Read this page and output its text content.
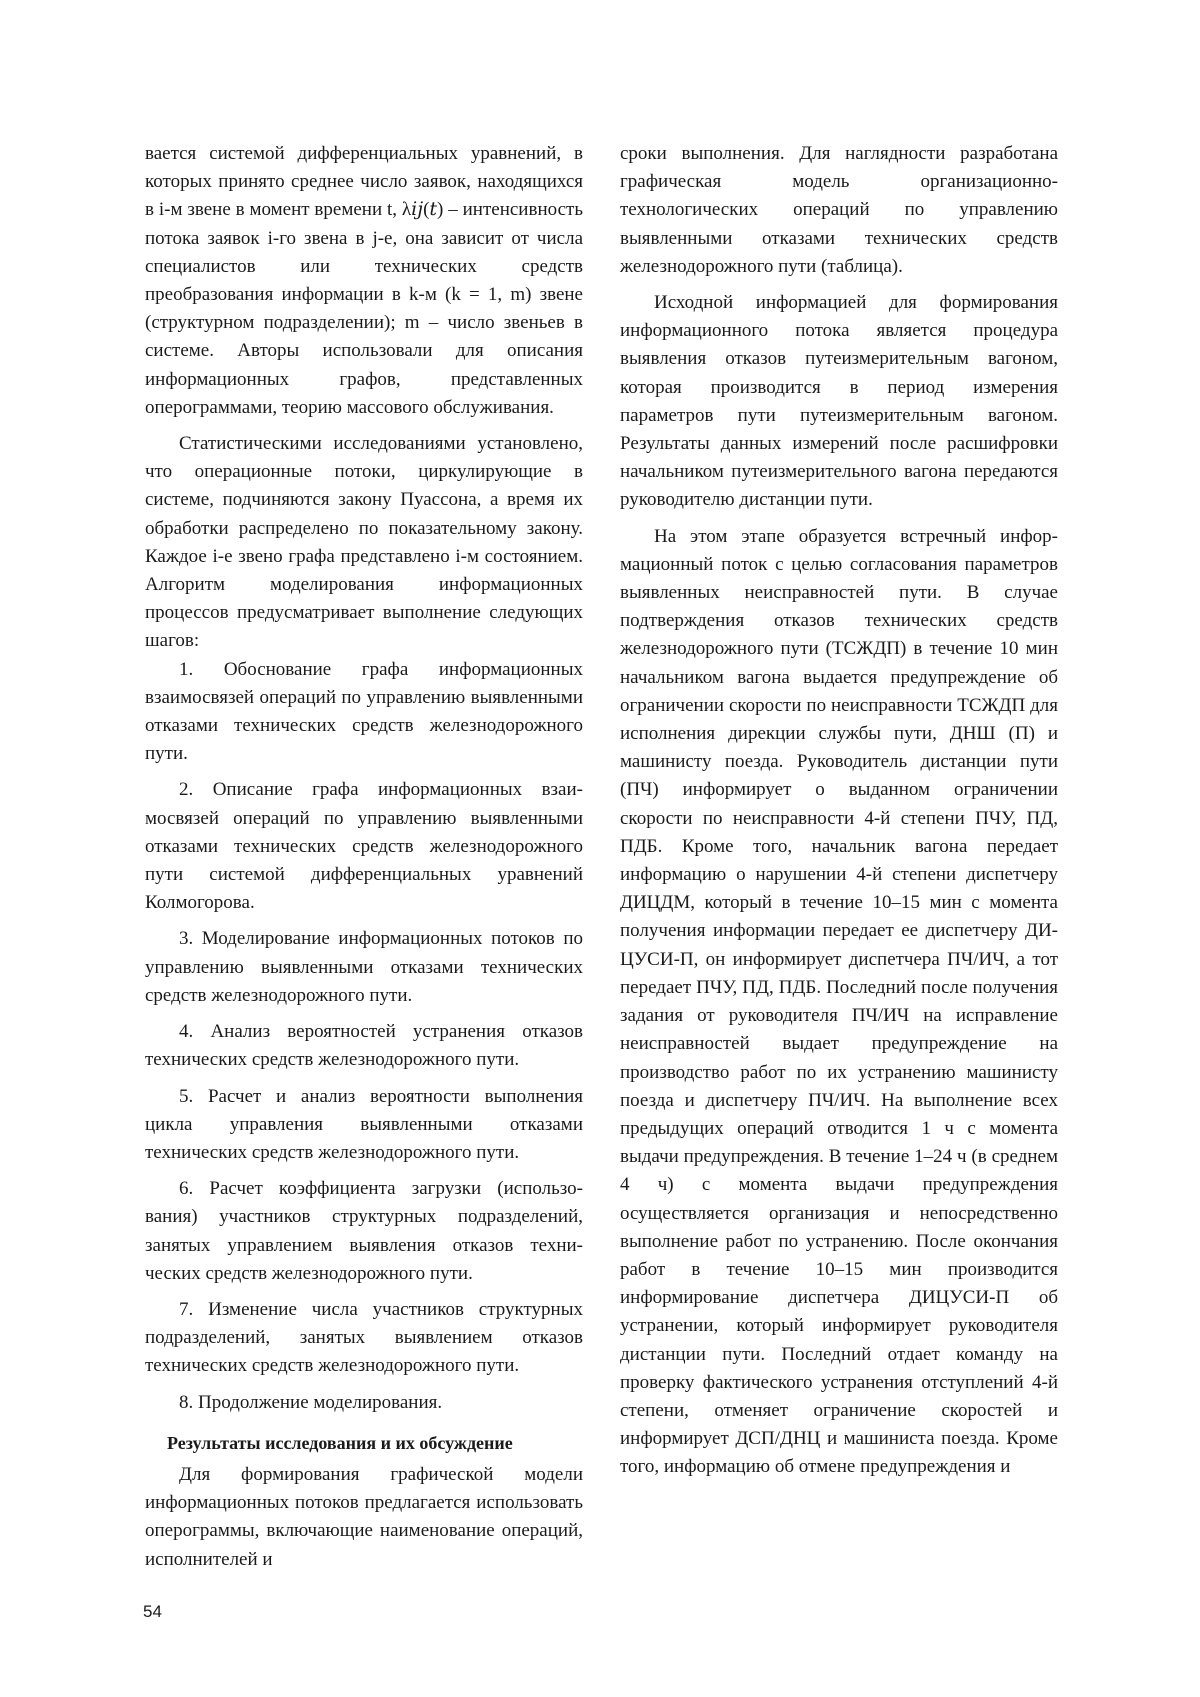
вается системой дифференциальных уравнений, в которых принято среднее число заявок, находящихся в i-м звене в момент времени t, λ𝑖𝑗(𝑡) – интенсивность потока заявок i-го звена в j-е, она зависит от числа специалистов или технических средств преобразования информации в k-м (k = 1, m) звене (структурном подразделении); m – число звеньев в системе. Авторы использовали для описания информационных графов, представленных оперограммами, теорию массового обслуживания.

Статистическими исследованиями установлено, что операционные потоки, циркулирующие в системе, подчиняются закону Пуассона, а время их обработки распределено по показательному закону. Каждое i-е звено графа представлено i-м состоянием. Алгоритм моделирования информационных процессов предусматривает выполнение следующих шагов:

1. Обоснование графа информационных взаимосвязей операций по управлению выявленными отказами технических средств железнодорожного пути.

2. Описание графа информационных взаимосвязей операций по управлению выявленными отказами технических средств железнодорожного пути системой дифференциальных уравнений Колмогорова.

3. Моделирование информационных потоков по управлению выявленными отказами технических средств железнодорожного пути.

4. Анализ вероятностей устранения отказов технических средств железнодорожного пути.

5. Расчет и анализ вероятности выполнения цикла управления выявленными отказами технических средств железнодорожного пути.

6. Расчет коэффициента загрузки (использования) участников структурных подразделений, занятых управлением выявления отказов технических средств железнодорожного пути.

7. Изменение числа участников структурных подразделений, занятых выявлением отказов технических средств железнодорожного пути.

8. Продолжение моделирования.

Результаты исследования и их обсуждение

Для формирования графической модели информационных потоков предлагается использовать оперограммы, включающие наименование операций, исполнителей и

сроки выполнения. Для наглядности разработана графическая модель организационно-технологических операций по управлению выявленными отказами технических средств железнодорожного пути (таблица).

Исходной информацией для формирования информационного потока является процедура выявления отказов путеизмерительным вагоном, которая производится в период измерения параметров пути путеизмерительным вагоном. Результаты данных измерений после расшифровки начальником путеизмерительного вагона передаются руководителю дистанции пути.

На этом этапе образуется встречный информационный поток с целью согласования параметров выявленных неисправностей пути. В случае подтверждения отказов технических средств железнодорожного пути (ТСЖДП) в течение 10 мин начальником вагона выдается предупреждение об ограничении скорости по неисправности ТСЖДП для исполнения дирекции службы пути, ДНШ (П) и машинисту поезда. Руководитель дистанции пути (ПЧ) информирует о выданном ограничении скорости по неисправности 4-й степени ПЧУ, ПД, ПДБ. Кроме того, начальник вагона передает информацию о нарушении 4-й степени диспетчеру ДИЦДМ, который в течение 10–15 мин с момента получения информации передает ее диспетчеру ДИЦУСИ-П, он информирует диспетчера ПЧ/ИЧ, а тот передает ПЧУ, ПД, ПДБ. Последний после получения задания от руководителя ПЧ/ИЧ на исправление неисправностей выдает предупреждение на производство работ по их устранению машинисту поезда и диспетчеру ПЧ/ИЧ. На выполнение всех предыдущих операций отводится 1 ч с момента выдачи предупреждения. В течение 1–24 ч (в среднем 4 ч) с момента выдачи предупреждения осуществляется организация и непосредственно выполнение работ по устранению. После окончания работ в течение 10–15 мин производится информирование диспетчера ДИЦУСИ-П об устранении, который информирует руководителя дистанции пути. Последний отдает команду на проверку фактического устранения отступлений 4-й степени, отменяет ограничение скоростей и информирует ДСП/ДНЦ и машиниста поезда. Кроме того, информацию об отмене предупреждения и

54
